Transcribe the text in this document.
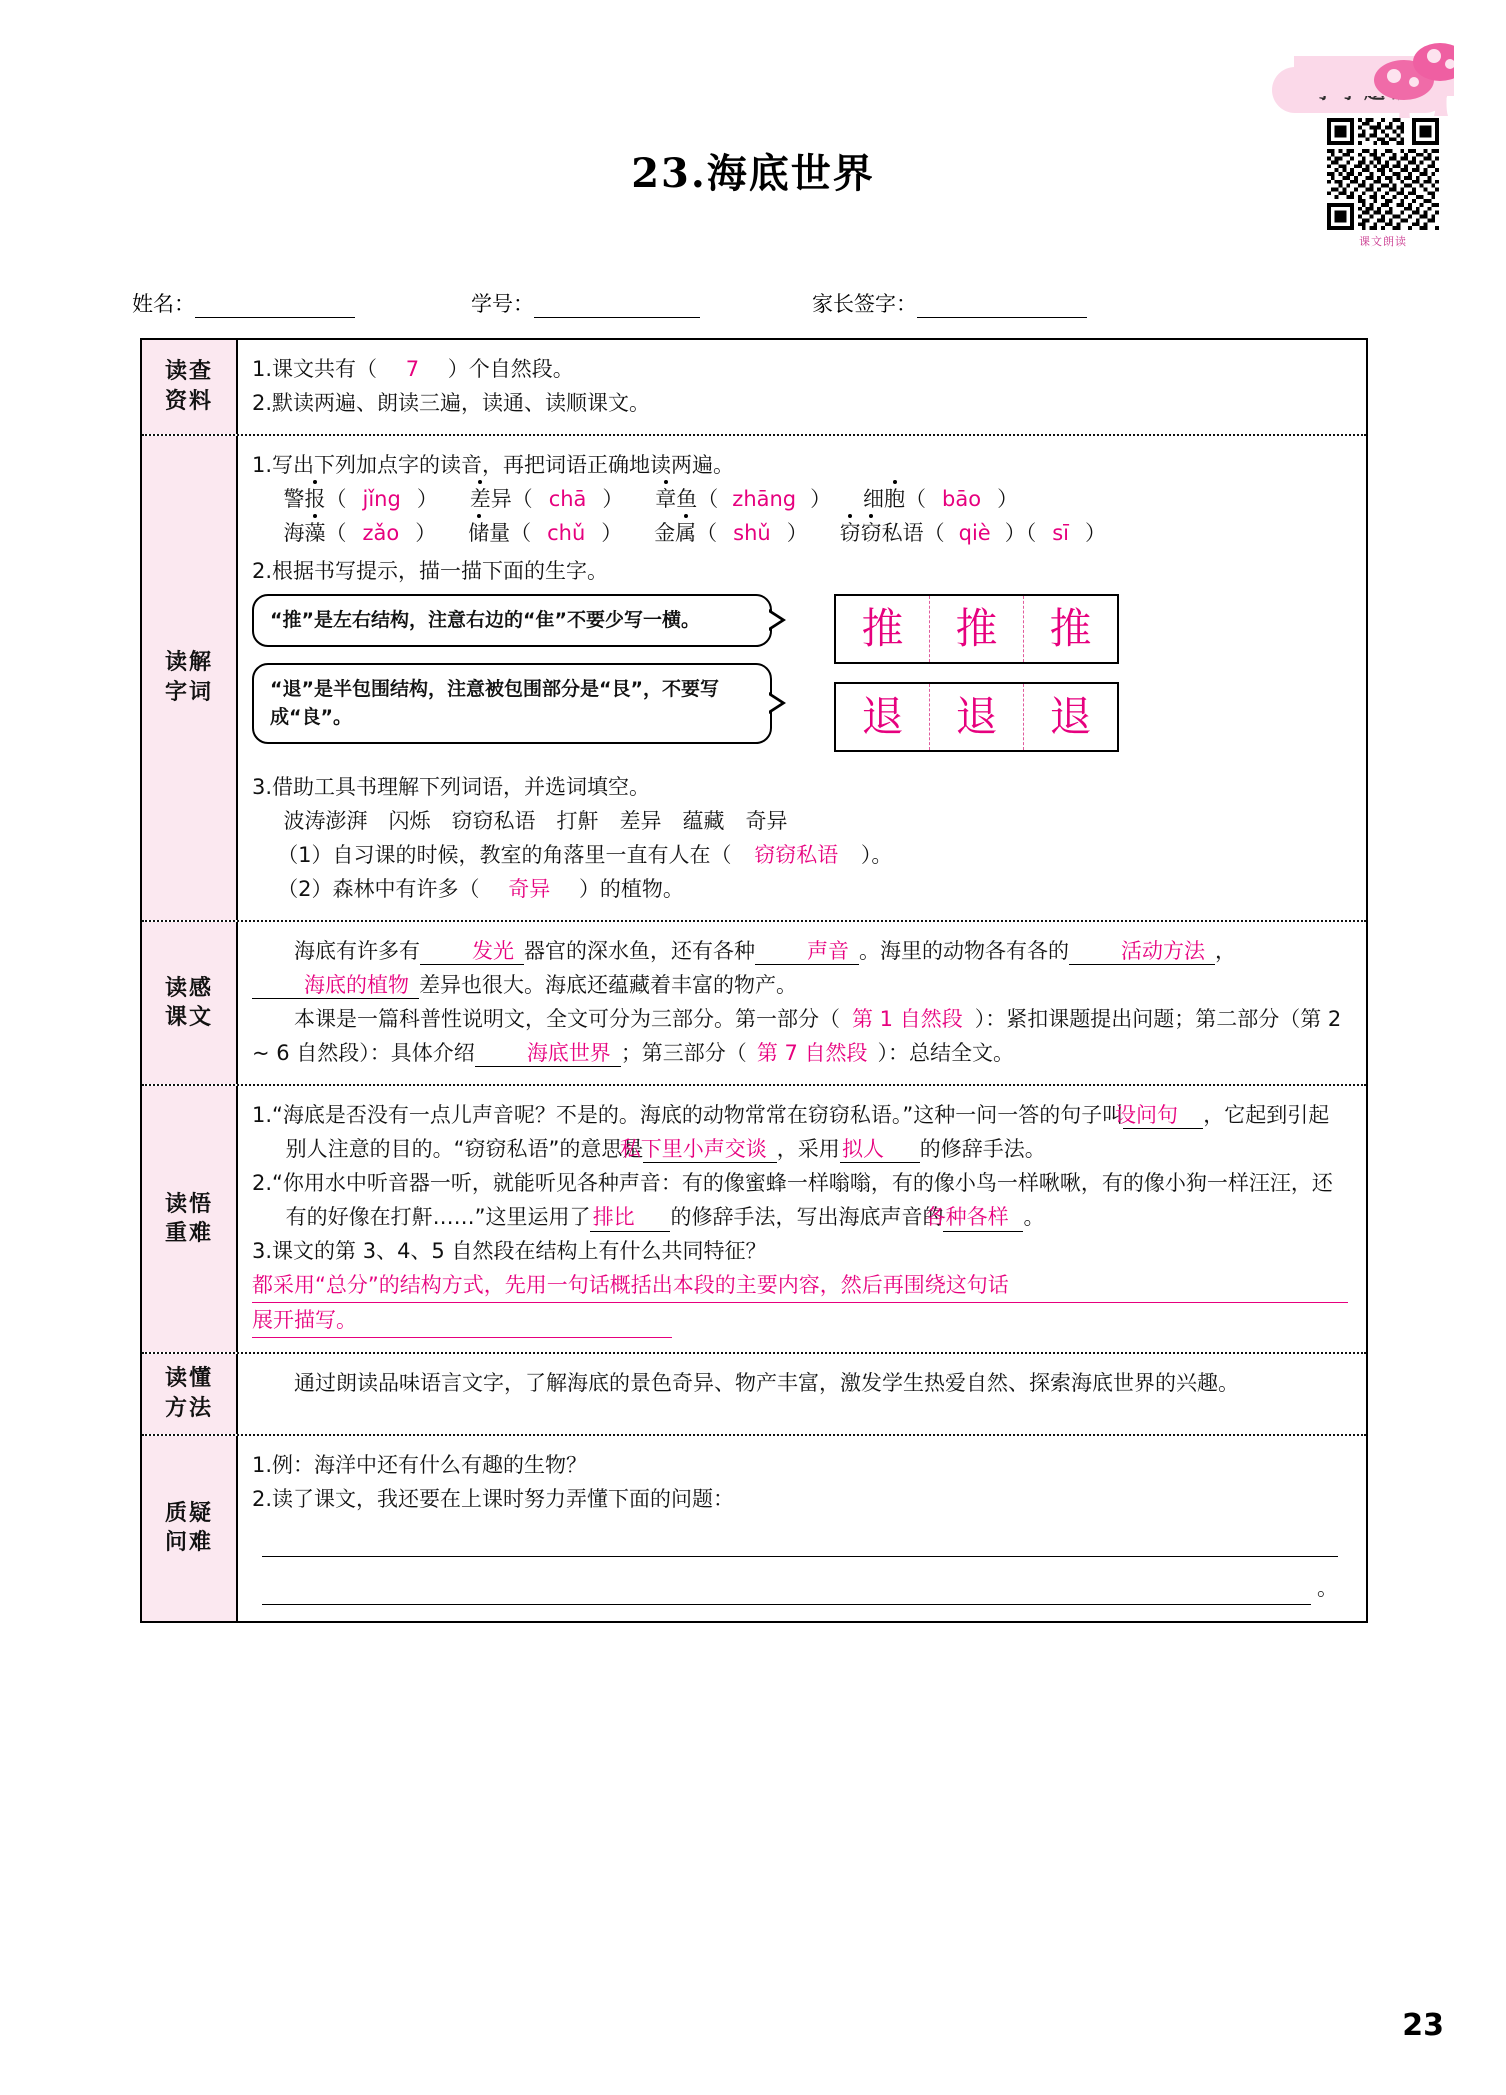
课文朗读
23.海底世界
姓名：	学号：	家长签字：
读查
资料
1.课文共有（ 7 ）个自然段。
2.默读两遍、朗读三遍，读通、读顺课文。
读解
字词
1.写出下列加点字的读音，再把词语正确地读两遍。
警报（ jǐng ） 差异（ chā ） 章鱼（ zhāng ） 细胞（ bāo ）
海藻（ zǎo ） 储量（ chǔ ） 金属（ shǔ ） 窃窃私语（ qiè ）（ sī ）
2.根据书写提示，描一描下面的生字。
“推”是左右结构，注意右边的“隹”不要少写一横。
“退”是半包围结构，注意被包围部分是“艮”，不要写成“良”。
推	推	推
退	退	退
3.借助工具书理解下列词语，并选词填空。
波涛澎湃　闪烁　窃窃私语　打鼾　差异　蕴藏　奇异
（1）自习课的时候，教室的角落里一直有人在（ 窃窃私语 ）。
（2）森林中有许多（ 奇异 ）的植物。
读感
课文
海底有许多有 发光 器官的深水鱼，还有各种 声音 。海里的动物各有各的 活动方法 ，海底的植物 差异也很大。海底还蕴藏着丰富的物产。
本课是一篇科普性说明文，全文可分为三部分。第一部分（ 第 1 自然段 ）：紧扣课题提出问题；第二部分（第 2 ~ 6 自然段）：具体介绍 海底世界 ；第三部分（ 第 7 自然段 ）：总结全文。
读悟
重难
1.“海底是否没有一点儿声音呢？不是的。海底的动物常常在窃窃私语。”这种一问一答的句子叫设问句 ，它起到引起别人注意的目的。“窃窃私语”的意思是私下里小声交谈 ，采用 拟人 的修辞手法。
2.“你用水中听音器一听，就能听见各种声音：有的像蜜蜂一样嗡嗡，有的像小鸟一样啾啾，有的像小狗一样汪汪，还有的好像在打鼾……”这里运用了 排比 的修辞手法，写出海底声音的各种各样 。
3.课文的第 3、4、5 自然段在结构上有什么共同特征？
都采用“总分”的结构方式，先用一句话概括出本段的主要内容，然后再围绕这句话
展开描写。
读懂
方法
通过朗读品味语言文字，了解海底的景色奇异、物产丰富，激发学生热爱自然、探索海底世界的兴趣。
质疑
问难
1.例：海洋中还有什么有趣的生物？
2.读了课文，我还要在上课时努力弄懂下面的问题：
。
23
